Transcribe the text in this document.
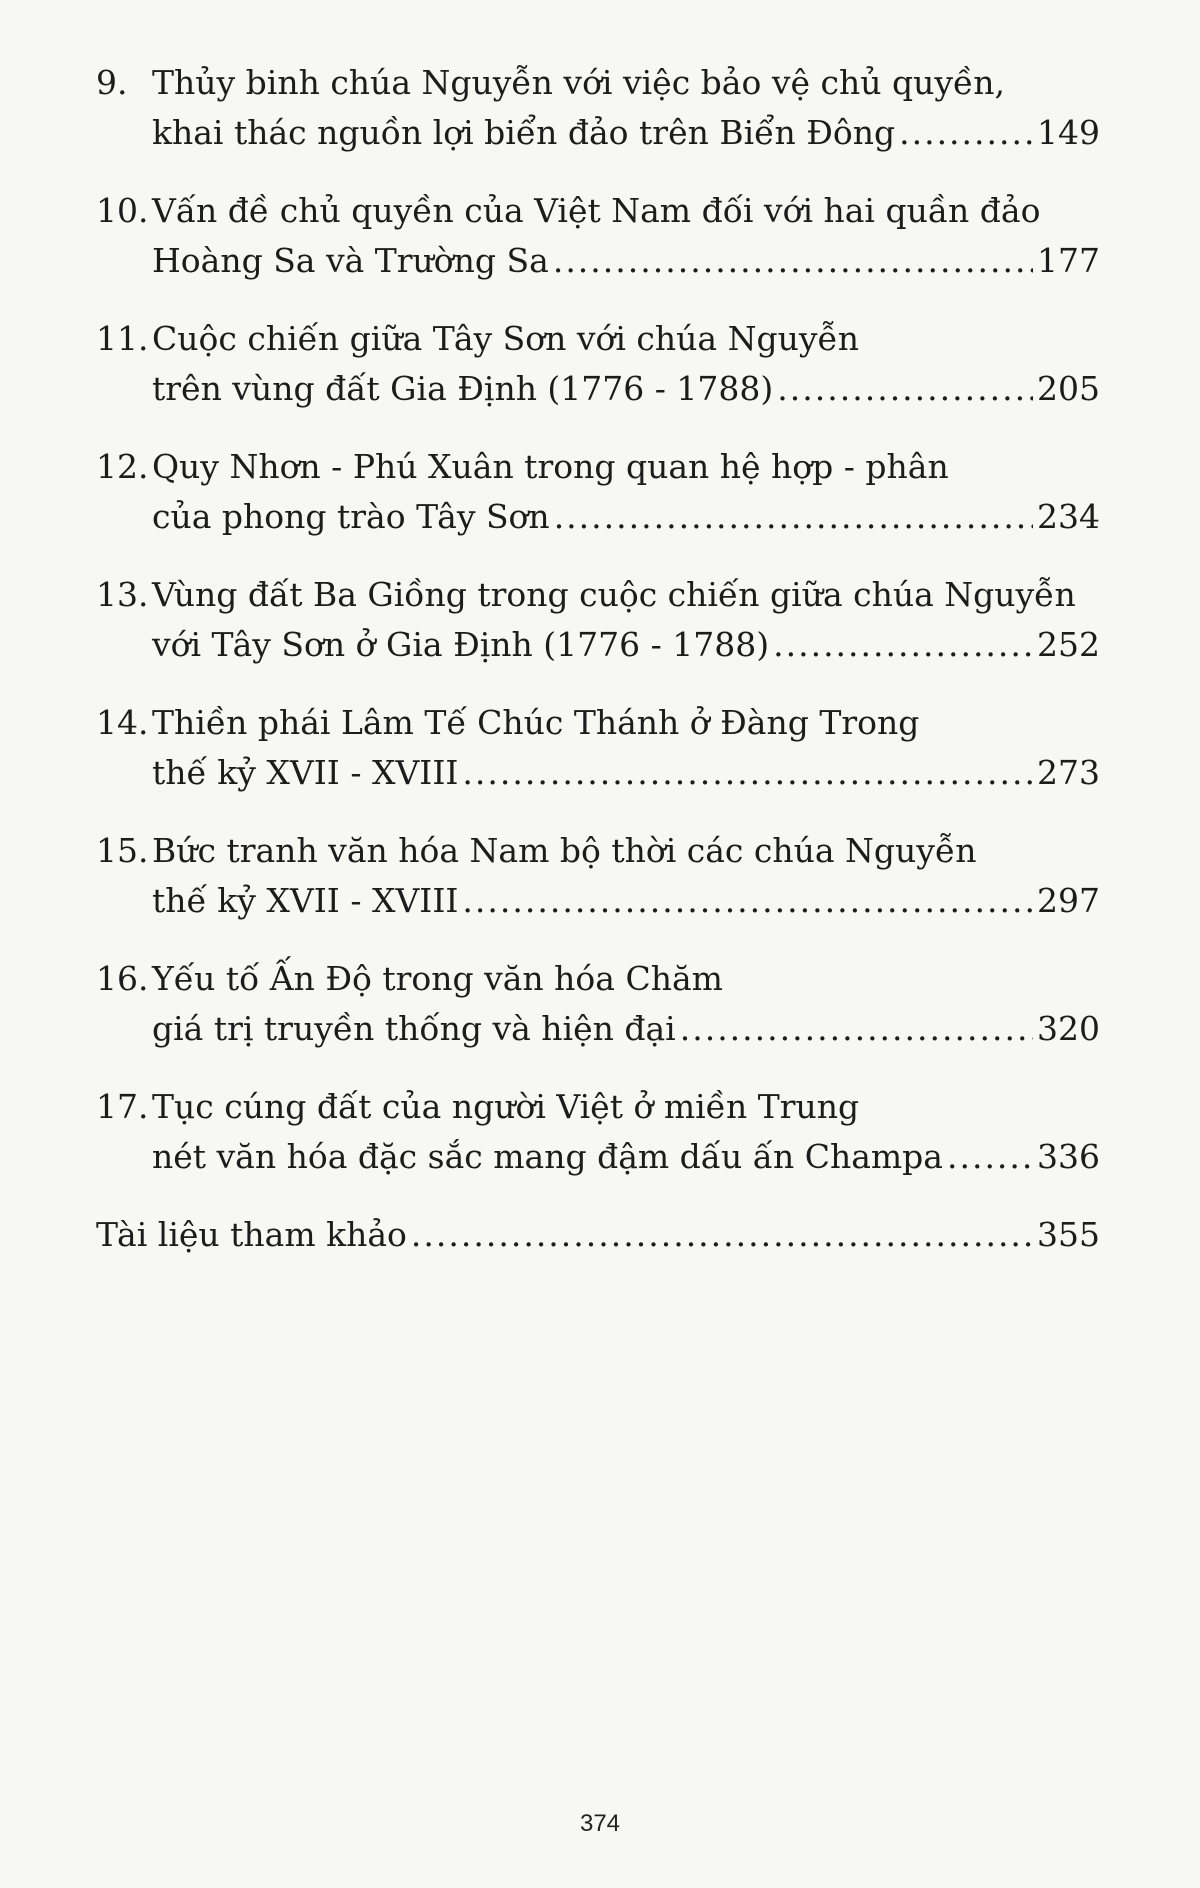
9. Thủy binh chúa Nguyễn với việc bảo vệ chủ quyền,
khai thác nguồn lợi biển đảo trên Biển Đông .....	149
10. Vấn đề chủ quyền của Việt Nam đối với hai quần đảo
Hoàng Sa và Trường Sa .....	177
11. Cuộc chiến giữa Tây Sơn với chúa Nguyễn
trên vùng đất Gia Định (1776 - 1788) .....	205
12. Quy Nhơn - Phú Xuân trong quan hệ hợp - phân
của phong trào Tây Sơn .....	234
13. Vùng đất Ba Giồng trong cuộc chiến giữa chúa Nguyễn
với Tây Sơn ở Gia Định (1776 - 1788) .....	252
14. Thiền phái Lâm Tế Chúc Thánh ở Đàng Trong
thế kỷ XVII - XVIII .....	273
15. Bức tranh văn hóa Nam bộ thời các chúa Nguyễn
thế kỷ XVII - XVIII .....	297
16. Yếu tố Ấn Độ trong văn hóa Chăm
giá trị truyền thống và hiện đại .....	320
17. Tục cúng đất của người Việt ở miền Trung
nét văn hóa đặc sắc mang đậm dấu ấn Champa .....	336
Tài liệu tham khảo .....	355
374
